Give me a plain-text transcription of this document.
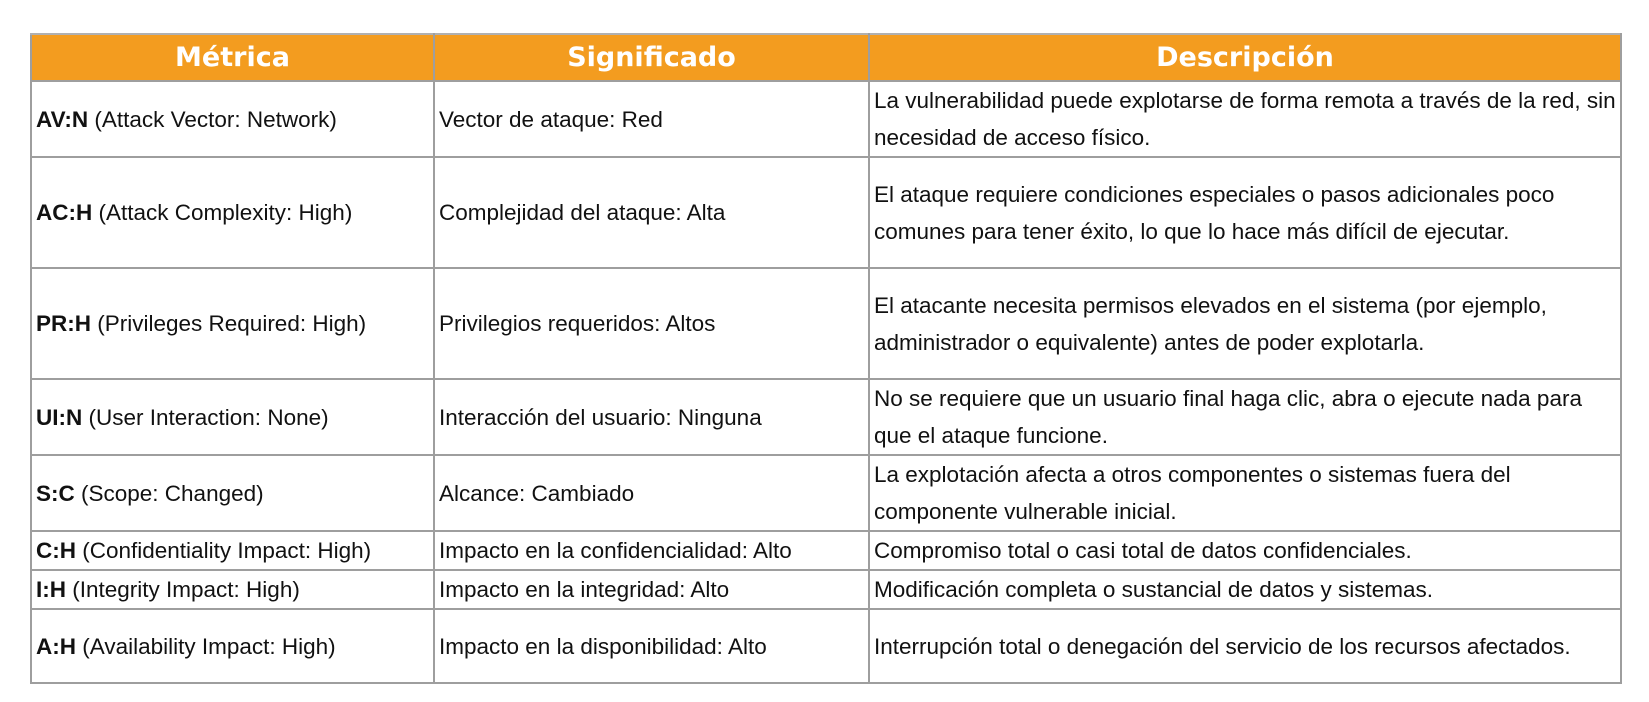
Métrica	Significado	Descripción
AV:N (Attack Vector: Network)	Vector de ataque: Red	La vulnerabilidad puede explotarse de forma remota a través de la red, sin necesidad de acceso físico.
AC:H (Attack Complexity: High)	Complejidad del ataque: Alta	El ataque requiere condiciones especiales o pasos adicionales poco comunes para tener éxito, lo que lo hace más difícil de ejecutar.
PR:H (Privileges Required: High)	Privilegios requeridos: Altos	El atacante necesita permisos elevados en el sistema (por ejemplo, administrador o equivalente) antes de poder explotarla.
UI:N (User Interaction: None)	Interacción del usuario: Ninguna	No se requiere que un usuario final haga clic, abra o ejecute nada para que el ataque funcione.
S:C (Scope: Changed)	Alcance: Cambiado	La explotación afecta a otros componentes o sistemas fuera del componente vulnerable inicial.
C:H (Confidentiality Impact: High)	Impacto en la confidencialidad: Alto	Compromiso total o casi total de datos confidenciales.
I:H (Integrity Impact: High)	Impacto en la integridad: Alto	Modificación completa o sustancial de datos y sistemas.
A:H (Availability Impact: High)	Impacto en la disponibilidad: Alto	Interrupción total o denegación del servicio de los recursos afectados.
